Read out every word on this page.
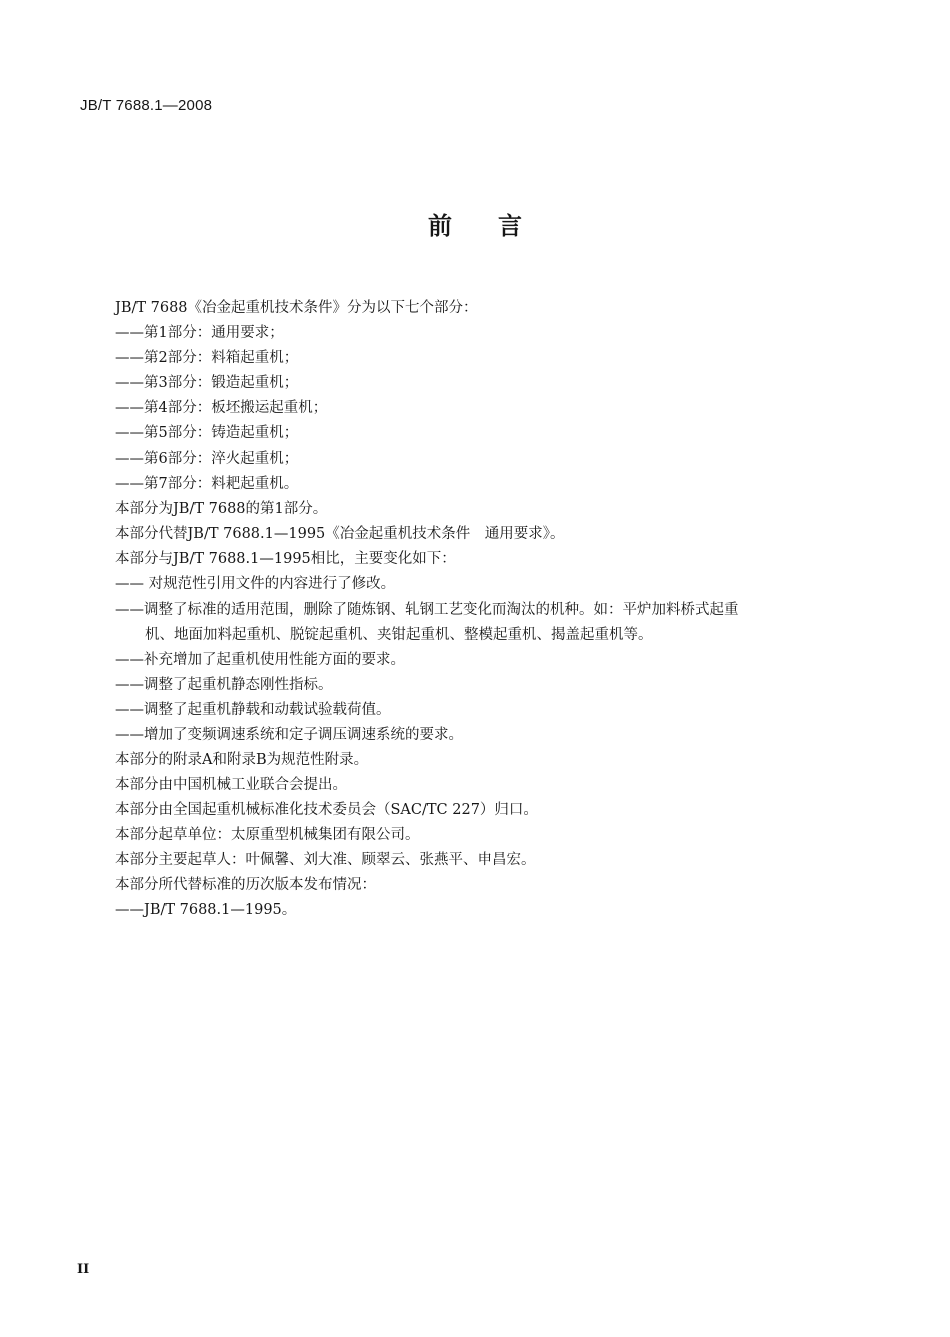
JB/T 7688.1—2008
前言
JB/T 7688《冶金起重机技术条件》分为以下七个部分：
——第1部分：通用要求；
——第2部分：料箱起重机；
——第3部分：锻造起重机；
——第4部分：板坯搬运起重机；
——第5部分：铸造起重机；
——第6部分：淬火起重机；
——第7部分：料耙起重机。
本部分为JB/T 7688的第1部分。
本部分代替JB/T 7688.1—1995《冶金起重机技术条件　通用要求》。
本部分与JB/T 7688.1—1995相比，主要变化如下：
—— 对规范性引用文件的内容进行了修改。
——调整了标准的适用范围，删除了随炼钢、轧钢工艺变化而淘汰的机种。如：平炉加料桥式起重
机、地面加料起重机、脱锭起重机、夹钳起重机、整模起重机、揭盖起重机等。
——补充增加了起重机使用性能方面的要求。
——调整了起重机静态刚性指标。
——调整了起重机静载和动载试验载荷值。
——增加了变频调速系统和定子调压调速系统的要求。
本部分的附录A和附录B为规范性附录。
本部分由中国机械工业联合会提出。
本部分由全国起重机械标准化技术委员会（SAC/TC 227）归口。
本部分起草单位：太原重型机械集团有限公司。
本部分主要起草人：叶佩馨、刘大准、顾翠云、张燕平、申昌宏。
本部分所代替标准的历次版本发布情况：
——JB/T 7688.1—1995。
II
